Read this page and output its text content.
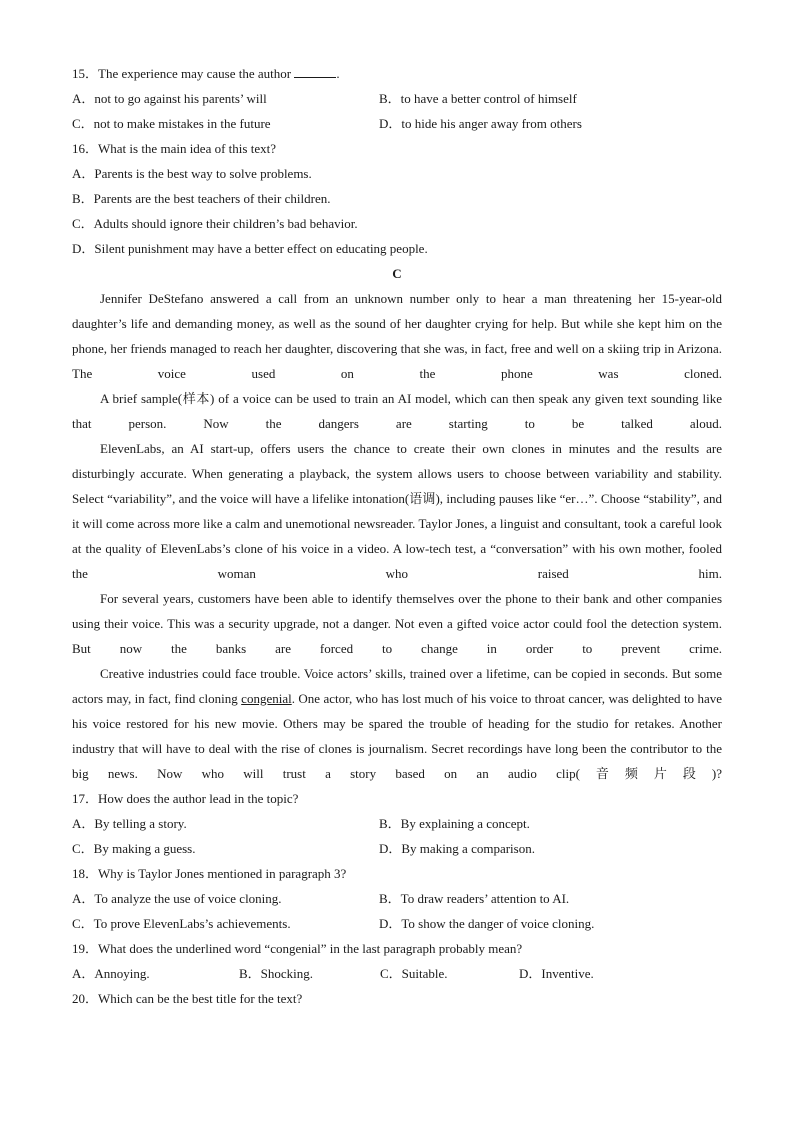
15．The experience may cause the author	.
A．not to go against his parents’ will	B．to have a better control of himself
C．not to make mistakes in the future	D．to hide his anger away from others
16．What is the main idea of this text?
A．Parents is the best way to solve problems.
B．Parents are the best teachers of their children.
C．Adults should ignore their children’s bad behavior.
D．Silent punishment may have a better effect on educating people.
C

Jennifer DeStefano answered a call from an unknown number only to hear a man threatening her 15-year-old daughter’s life and demanding money, as well as the sound of her daughter crying for help. But while she kept him on the phone, her friends managed to reach her daughter, discovering that she was, in fact, free and well on a skiing trip in Arizona. The voice used on the phone was cloned.

A brief sample(样本) of a voice can be used to train an AI model, which can then speak any given text sounding like that person. Now the dangers are starting to be talked aloud.

ElevenLabs, an AI start-up, offers users the chance to create their own clones in minutes and the results are disturbingly accurate. When generating a playback, the system allows users to choose between variability and stability. Select “variability”, and the voice will have a lifelike intonation(语调), including pauses like “er…”. Choose “stability”, and it will come across more like a calm and unemotional newsreader. Taylor Jones, a linguist and consultant, took a careful look at the quality of ElevenLabs’s clone of his voice in a video. A low-tech test, a “conversation” with his own mother, fooled the woman who raised him.

For several years, customers have been able to identify themselves over the phone to their bank and other companies using their voice. This was a security upgrade, not a danger. Not even a gifted voice actor could fool the detection system. But now the banks are forced to change in order to prevent crime.

Creative industries could face trouble. Voice actors’ skills, trained over a lifetime, can be copied in seconds. But some actors may, in fact, find cloning congenial. One actor, who has lost much of his voice to throat cancer, was delighted to have his voice restored for his new movie. Others may be spared the trouble of heading for the studio for retakes. Another industry that will have to deal with the rise of clones is journalism. Secret recordings have long been the contributor to the big news. Now who will trust a story based on an audio clip(音频片段)?

17．How does the author lead in the topic?
A．By telling a story.	B．By explaining a concept.
C．By making a guess.	D．By making a comparison.
18．Why is Taylor Jones mentioned in paragraph 3?
A．To analyze the use of voice cloning.	B．To draw readers’ attention to AI.
C．To prove ElevenLabs’s achievements.	D．To show the danger of voice cloning.
19．What does the underlined word “congenial” in the last paragraph probably mean?
A．Annoying.	B．Shocking.	C．Suitable.	D．Inventive.
20．Which can be the best title for the text?
